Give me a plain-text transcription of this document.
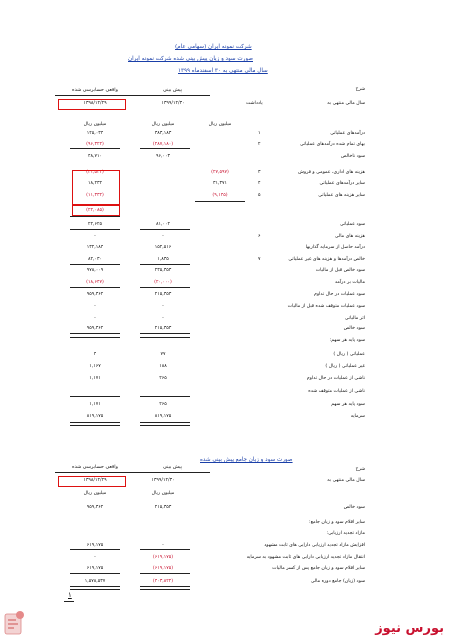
شرکت نمونه ایران (سهامی عام)
صورت سود و زیان پیش بینی شده شرکت نمونه ایران
سال مالی منتهی به ۳۰ اسفندماه ۱۳۹۹
شرح
پیش بینی
واقعی حسابرسی شده
سال مالی منتهی به
یادداشت
۱۳۹۹/۱۲/۳۰
۱۳۹۸/۱۲/۲۹
میلیون ریال
میلیون ریال
میلیون ریال
درآمدهای عملیاتی
۱
۳۸۳,۱۸۳
۱۴۵,۰۳۴
بهای تمام شده درآمدهای عملیاتی
۲
(۲۸۷,۱۸۰)
(۹۶,۳۲۴)
سود ناخالص
۹۶,۰۰۳
۴۸,۷۱۰
هزینه های اداری، عمومی و فروش
۳
(۲۷,۵۹۷)
(۳۱,۵۳۴)
سایر درآمدهای عملیاتی
۴
۳۱,۳۷۱
۱۸,۴۳۴
سایر هزینه های عملیاتی
۵
(۹,۱۴۵)
(۱۱,۳۳۴)
(۲۴,۰۸۵)
سود عملیاتی
۸۱,۰۰۲
۲۴,۶۲۵
هزینه های مالی
۶
-
-
درآمد حاصل از سرمایه گذاریها
۱۵۲,۵۱۶
۱۳۲,۱۸۴
خالص درآمدها و هزینه های غیر عملیاتی
۷
۱,۸۳۵
۸۴,۰۳۰
سود خالص قبل از مالیات
۲۳۵,۳۵۳
۹۷۸,۰۰۹
مالیات بر درآمد
(۲۰,۰۰۰)
(۱۸,۶۴۷)
سود عملیات در حال تداوم
۲۱۵,۳۵۳
۹۵۹,۳۶۲
سود عملیات متوقف شده قبل از مالیات
-
-
اثر مالیاتی
-
-
سود خالص
۲۱۵,۳۵۳
۹۵۹,۳۶۲
سود پایه هر سهم:
عملیاتی ( ریال )
۷۷
۴
غیر عملیاتی ( ریال )
۱۸۸
۱,۱۶۷
ناشی از عملیات در حال تداوم
۲۶۵
۱,۱۷۱
ناشی از عملیات متوقف شده
سود پایه هر سهم
۲۶۵
۱,۱۷۱
سرمایه
۸۱۹,۱۷۵
۸۱۹,۱۷۵
صورت سود و زیان جامع پیش بینی شده
شرح
پیش بینی
واقعی حسابرسی شده
سال مالی منتهی به
۱۳۹۹/۱۲/۳۰
۱۳۹۸/۱۲/۲۹
میلیون ریال
میلیون ریال
سود خالص
۲۱۵,۳۵۳
۹۵۹,۳۶۲
سایر اقلام سود و زیان جامع:
مازاد تجدید ارزیابی:
افزایش مازاد تجدید ارزیابی دارایی های ثابت مشهود
-
۶۱۹,۱۷۵
انتقال مازاد تجدید ارزیابی دارایی های ثابت مشهود به سرمایه
(۶۱۹,۱۷۵)
-
سایر اقلام سود و زیان جامع پس از کسر مالیات
(۶۱۹,۱۷۵)
۶۱۹,۱۷۵
سود (زیان) جامع دوره مالی
(۴۰۳,۸۲۲)
۱,۵۷۸,۵۳۷
۱
بورس نیوز
